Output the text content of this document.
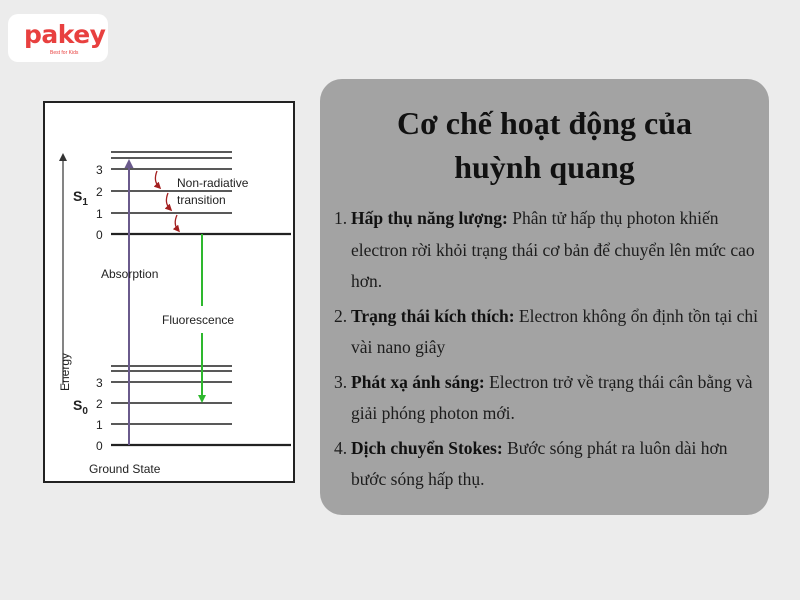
pakey
Best for Kids
Energy
3
2
1
0
$S_1$
3
2
1
0
$S_0$
Absorption
Fluorescence
Non-radiative transition
Ground State
Cơ chế hoạt động của
huỳnh quang
1. Hấp thụ năng lượng: Phân tử hấp thụ photon khiến electron rời khỏi trạng thái cơ bản để chuyển lên mức cao hơn.
2. Trạng thái kích thích: Electron không ổn định tồn tại chỉ vài nano giây
3. Phát xạ ánh sáng: Electron trở về trạng thái cân bằng và giải phóng photon mới.
4. Dịch chuyển Stokes: Bước sóng phát ra luôn dài hơn bước sóng hấp thụ.
